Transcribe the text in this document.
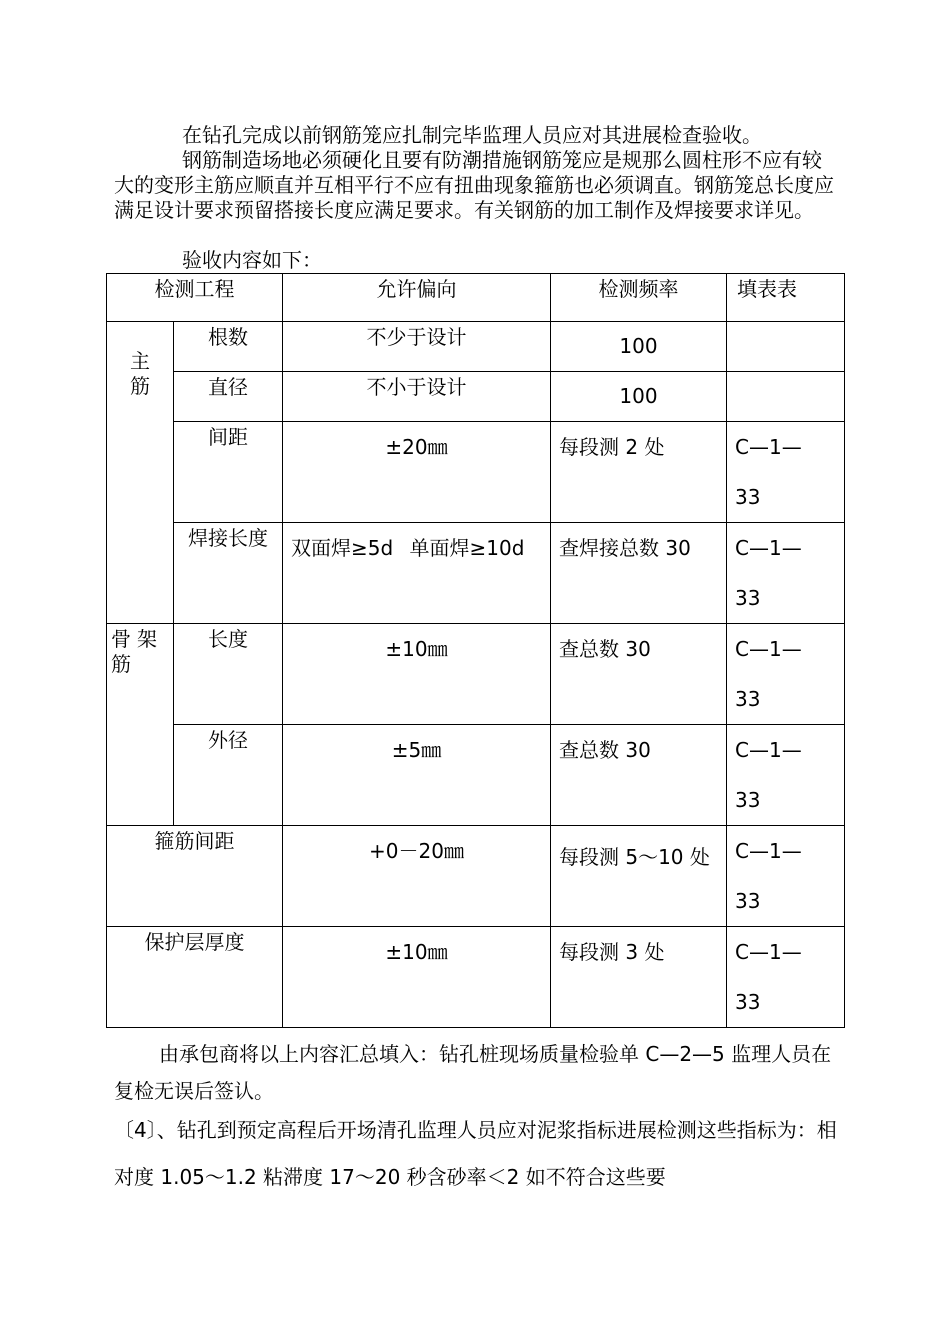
在钻孔完成以前钢筋笼应扎制完毕监理人员应对其进展检查验收。

钢筋制造场地必须硬化且要有防潮措施钢筋笼应是规那么圆柱形不应有较大的变形主筋应顺直并互相平行不应有扭曲现象箍筋也必须调直。钢筋笼总长度应满足设计要求预留搭接长度应满足要求。有关钢筋的加工制作及焊接要求详见。

验收内容如下：

检测工程		允许偏向	检测频率	填表表

主筋	根数	不少于设计	100	
	直径	不小于设计	100	
	间距	±20㎜	每段测 2 处	C—1—33
	焊接长度	双面焊≥5d 单面焊≥10d	查焊接总数 30	C—1—33

骨架筋	长度	±10㎜	查总数 30	C—1—33
	外径	±5㎜	查总数 30	C—1—33
箍筋间距		+0－20㎜	每段测 5～10 处	C—1—33
保护层厚度		±10㎜	每段测 3 处	C—1—33

由承包商将以上内容汇总填入：钻孔桩现场质量检验单 C—2—5 监理人员在复检无误后签认。

〔4〕、钻孔到预定高程后开场清孔监理人员应对泥浆指标进展检测这些指标为：相对度 1.05～1.2 粘滞度 17～20 秒含砂率＜2 如不符合这些要
